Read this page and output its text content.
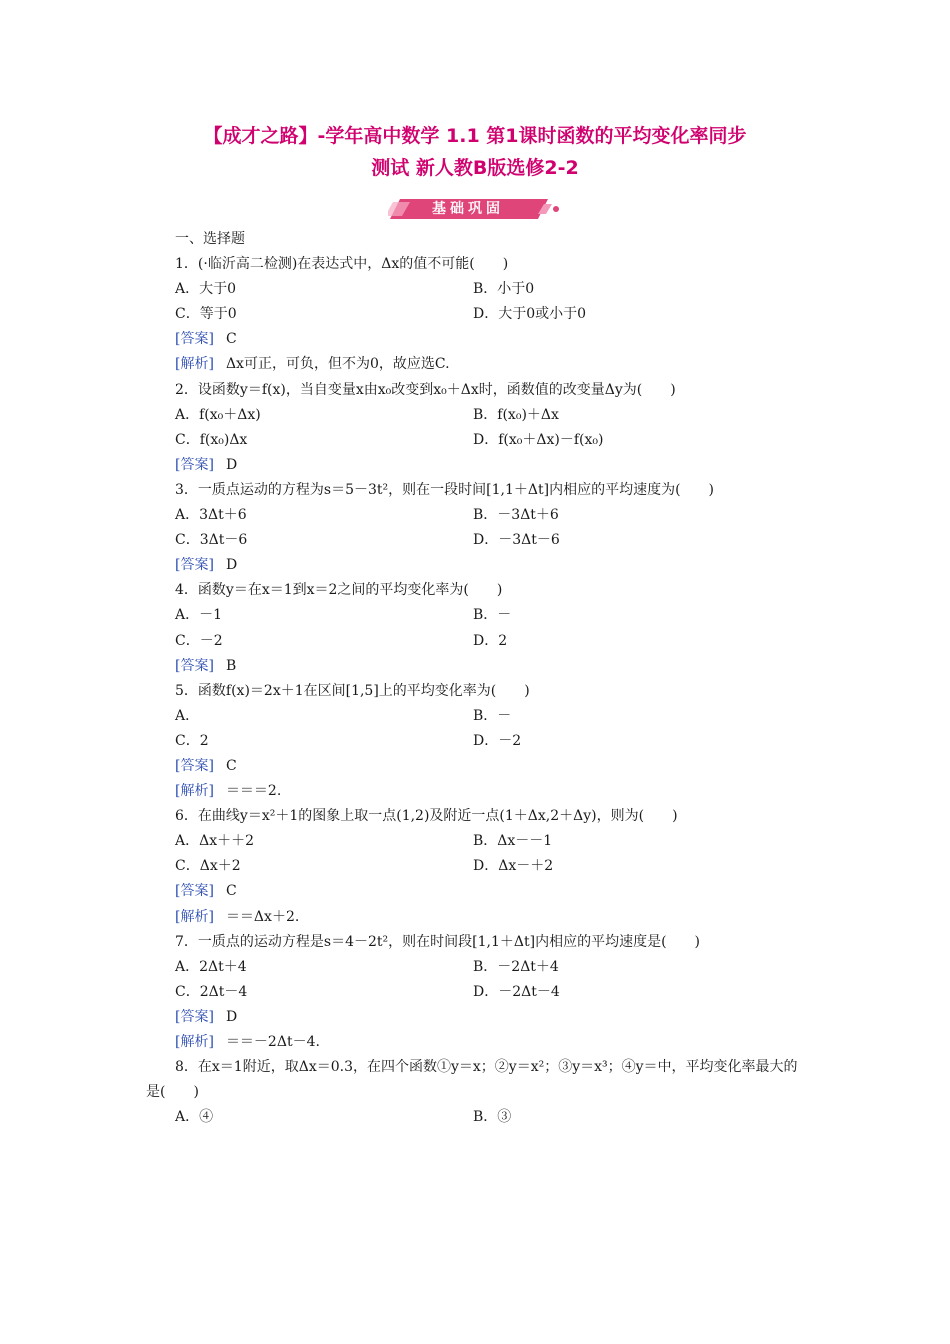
【成才之路】-学年高中数学 1.1 第1课时函数的平均变化率同步
测试 新人教B版选修2-2
基础巩固
一、选择题
1．(·临沂高二检测)在表达式中，Δx的值不可能(　　)
A．大于0	B．小于0
C．等于0	D．大于0或小于0
[答案] C
[解析] Δx可正，可负，但不为0，故应选C.
2．设函数y＝f(x)，当自变量x由x₀改变到x₀＋Δx时，函数值的改变量Δy为(　　)
A．f(x₀＋Δx)	B．f(x₀)＋Δx
C．f(x₀)Δx	D．f(x₀＋Δx)－f(x₀)
[答案] D
3．一质点运动的方程为s＝5－3t²，则在一段时间[1,1＋Δt]内相应的平均速度为(　　)
A．3Δt＋6	B．－3Δt＋6
C．3Δt－6	D．－3Δt－6
[答案] D
4．函数y＝在x＝1到x＝2之间的平均变化率为(　　)
A．－1	B．－
C．－2	D．2
[答案] B
5．函数f(x)＝2x＋1在区间[1,5]上的平均变化率为(　　)
A．	B．－
C．2	D．－2
[答案] C
[解析] ＝＝＝2.
6．在曲线y＝x²＋1的图象上取一点(1,2)及附近一点(1＋Δx,2＋Δy)，则为(　　)
A．Δx＋＋2	B．Δx－－1
C．Δx＋2	D．Δx－＋2
[答案] C
[解析] ＝＝Δx＋2.
7．一质点的运动方程是s＝4－2t²，则在时间段[1,1＋Δt]内相应的平均速度是(　　)
A．2Δt＋4	B．－2Δt＋4
C．2Δt－4	D．－2Δt－4
[答案] D
[解析] ＝＝－2Δt－4.
8．在x＝1附近，取Δx＝0.3，在四个函数①y＝x；②y＝x²；③y＝x³；④y＝中，平均变化率最大的是(　　)
A．④	B．③
